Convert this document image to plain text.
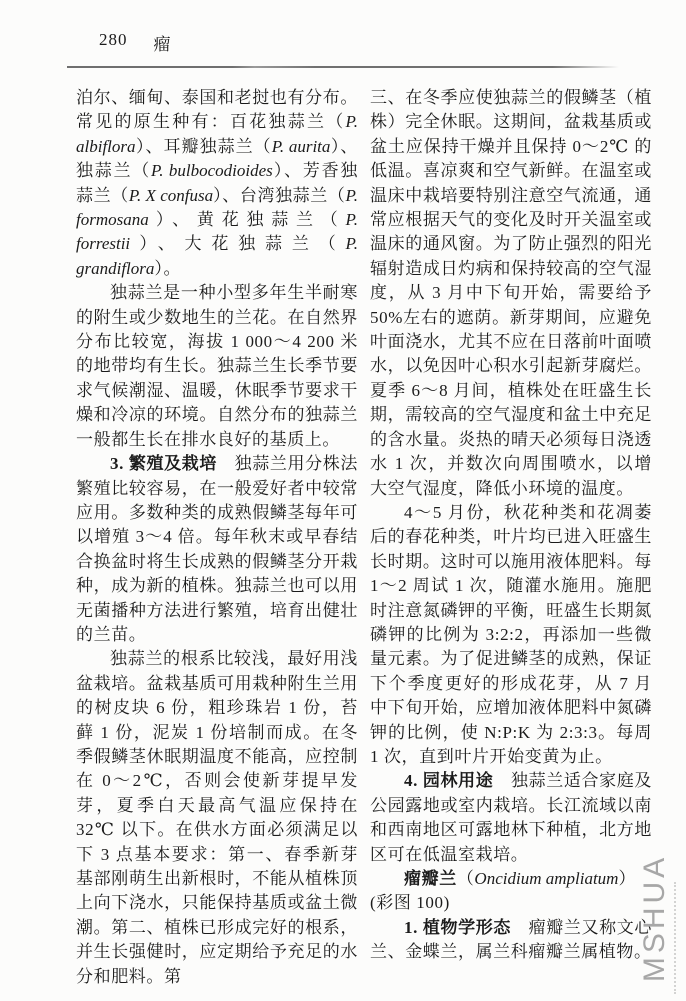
280 瘤

泊尔、缅甸、泰国和老挝也有分布。常见的原生种有：百花独蒜兰（P. albiflora）、耳瓣独蒜兰（P. aurita）、独蒜兰（P. bulbocodioides）、芳香独蒜兰（P. X confusa）、台湾独蒜兰（P. formosana）、黄花独蒜兰（P. forrestii）、大花独蒜兰（P. grandiflora）。

独蒜兰是一种小型多年生半耐寒的附生或少数地生的兰花。在自然界分布比较宽，海拔 1 000～4 200 米的地带均有生长。独蒜兰生长季节要求气候潮湿、温暖，休眠季节要求干燥和冷凉的环境。自然分布的独蒜兰一般都生长在排水良好的基质上。

3. 繁殖及栽培　独蒜兰用分株法繁殖比较容易，在一般爱好者中较常应用。多数种类的成熟假鳞茎每年可以增殖 3～4 倍。每年秋末或早春结合换盆时将生长成熟的假鳞茎分开栽种，成为新的植株。独蒜兰也可以用无菌播种方法进行繁殖，培育出健壮的兰苗。

独蒜兰的根系比较浅，最好用浅盆栽培。盆栽基质可用栽种附生兰用的树皮块 6 份，粗珍珠岩 1 份，苔藓 1 份，泥炭 1 份培制而成。在冬季假鳞茎休眠期温度不能高，应控制在 0～2℃，否则会使新芽提早发芽，夏季白天最高气温应保持在 32℃ 以下。在供水方面必须满足以下 3 点基本要求：第一、春季新芽基部刚萌生出新根时，不能从植株顶上向下浇水，只能保持基质或盆土微潮。第二、植株已形成完好的根系，并生长强健时，应定期给予充足的水分和肥料。第

三、在冬季应使独蒜兰的假鳞茎（植株）完全休眠。这期间，盆栽基质或盆土应保持干燥并且保持 0～2℃ 的低温。喜凉爽和空气新鲜。在温室或温床中栽培要特别注意空气流通，通常应根据天气的变化及时开关温室或温床的通风窗。为了防止强烈的阳光辐射造成日灼病和保持较高的空气湿度，从 3 月中下旬开始，需要给予 50%左右的遮荫。新芽期间，应避免叶面浇水，尤其不应在日落前叶面喷水，以免因叶心积水引起新芽腐烂。夏季 6～8 月间，植株处在旺盛生长期，需较高的空气湿度和盆土中充足的含水量。炎热的晴天必须每日浇透水 1 次，并数次向周围喷水，以增大空气湿度，降低小环境的温度。

4～5 月份，秋花种类和花凋萎后的春花种类，叶片均已进入旺盛生长时期。这时可以施用液体肥料。每 1～2 周试 1 次，随灌水施用。施肥时注意氮磷钾的平衡，旺盛生长期氮磷钾的比例为 3:2:2，再添加一些微量元素。为了促进鳞茎的成熟，保证下个季度更好的形成花芽，从 7 月中下旬开始，应增加液体肥料中氮磷钾的比例，使 N:P:K 为 2:3:3。每周 1 次，直到叶片开始变黄为止。

4. 园林用途　独蒜兰适合家庭及公园露地或室内栽培。长江流域以南和西南地区可露地林下种植，北方地区可在低温室栽培。

瘤瓣兰（Oncidium ampliatum）

(彩图 100)

1. 植物学形态　瘤瓣兰又称文心兰、金蝶兰，属兰科瘤瓣兰属植物。

MSHUA
